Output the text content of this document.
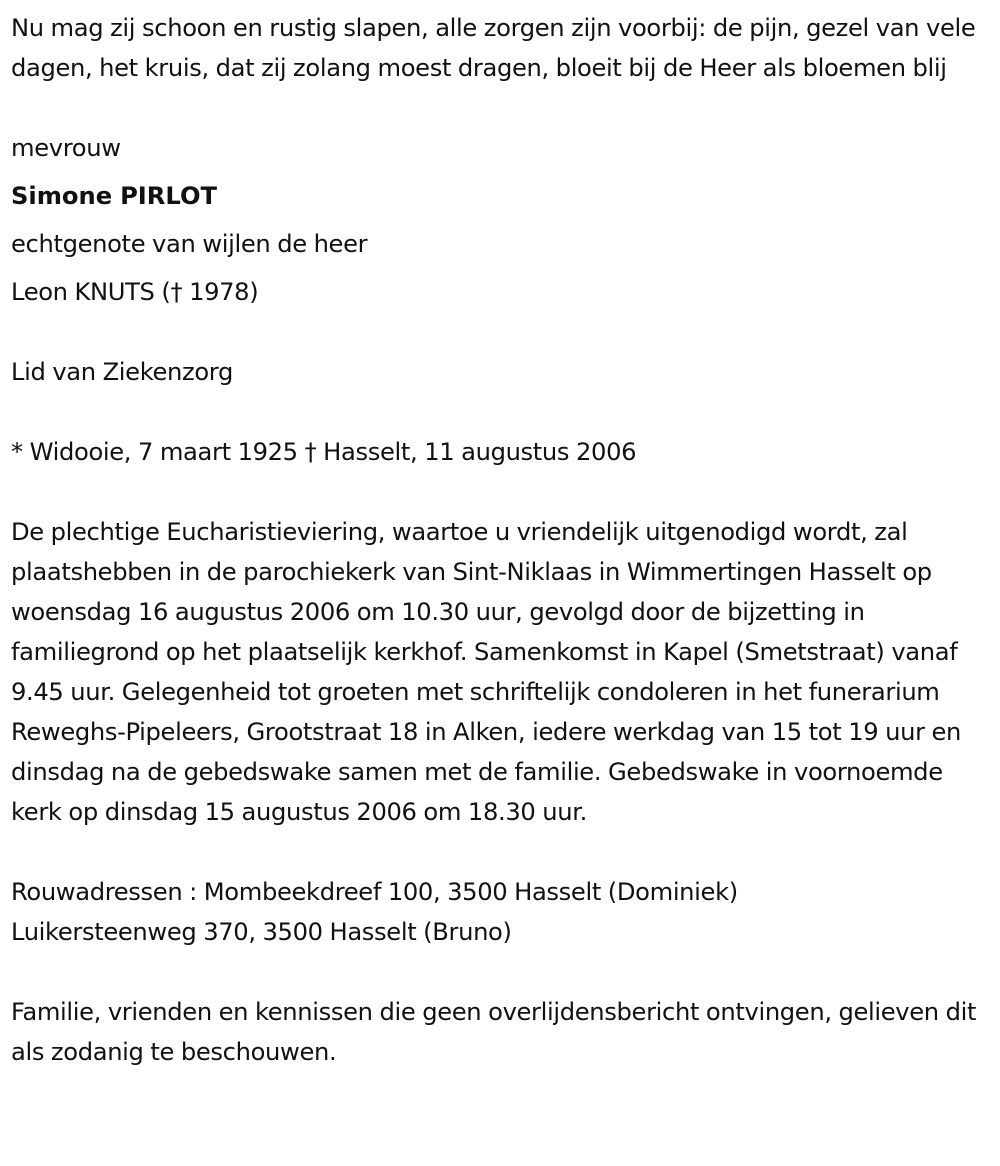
Nu mag zij schoon en rustig slapen, alle zorgen zijn voorbij: de pijn, gezel van vele dagen, het kruis, dat zij zolang moest dragen, bloeit bij de Heer als bloemen blij

mevrouw

Simone PIRLOT

echtgenote van wijlen de heer

Leon KNUTS († 1978)

Lid van Ziekenzorg

* Widooie, 7 maart 1925 † Hasselt, 11 augustus 2006

De plechtige Eucharistieviering, waartoe u vriendelijk uitgenodigd wordt, zal plaatshebben in de parochiekerk van Sint-Niklaas in Wimmertingen Hasselt op woensdag 16 augustus 2006 om 10.30 uur, gevolgd door de bijzetting in familiegrond op het plaatselijk kerkhof. Samenkomst in Kapel (Smetstraat) vanaf 9.45 uur. Gelegenheid tot groeten met schriftelijk condoleren in het funerarium Reweghs-Pipeleers, Grootstraat 18 in Alken, iedere werkdag van 15 tot 19 uur en dinsdag na de gebedswake samen met de familie. Gebedswake in voornoemde kerk op dinsdag 15 augustus 2006 om 18.30 uur.

Rouwadressen : Mombeekdreef 100, 3500 Hasselt (Dominiek)

Luikersteenweg 370, 3500 Hasselt (Bruno)

Familie, vrienden en kennissen die geen overlijdensbericht ontvingen, gelieven dit als zodanig te beschouwen.
